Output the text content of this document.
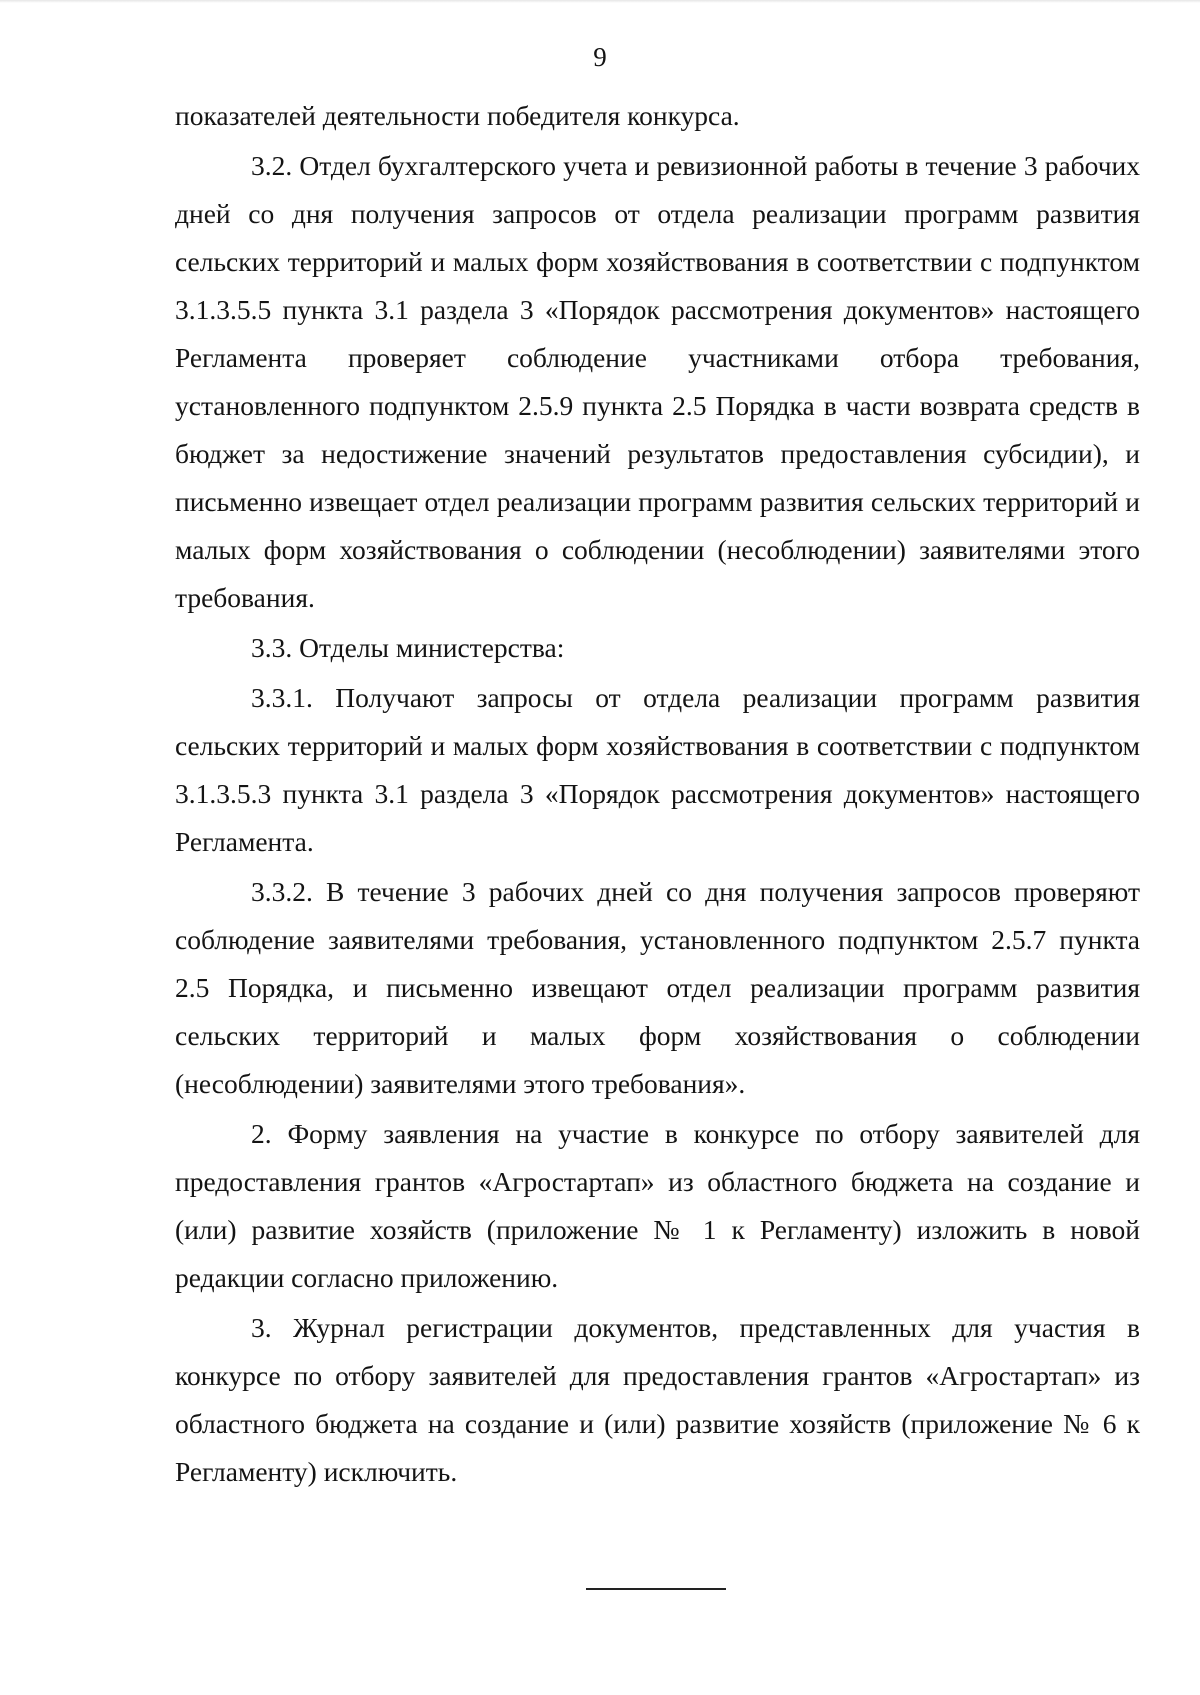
9

показателей деятельности победителя конкурса.

3.2. Отдел бухгалтерского учета и ревизионной работы в течение 3 рабочих дней со дня получения запросов от отдела реализации программ развития сельских территорий и малых форм хозяйствования в соответствии с подпунктом 3.1.3.5.5 пункта 3.1 раздела 3 «Порядок рассмотрения документов» настоящего Регламента проверяет соблюдение участниками отбора требования, установленного подпунктом 2.5.9 пункта 2.5 Порядка в части возврата средств в бюджет за недостижение значений результатов предоставления субсидии), и письменно извещает отдел реализации программ развития сельских территорий и малых форм хозяйствования о соблюдении (несоблюдении) заявителями этого требования.

3.3. Отделы министерства:

3.3.1. Получают запросы от отдела реализации программ развития сельских территорий и малых форм хозяйствования в соответствии с подпунктом 3.1.3.5.3 пункта 3.1 раздела 3 «Порядок рассмотрения документов» настоящего Регламента.

3.3.2. В течение 3 рабочих дней со дня получения запросов проверяют соблюдение заявителями требования, установленного подпунктом 2.5.7 пункта 2.5 Порядка, и письменно извещают отдел реализации программ развития сельских территорий и малых форм хозяйствования о соблюдении (несоблюдении) заявителями этого требования».

2. Форму заявления на участие в конкурсе по отбору заявителей для предоставления грантов «Агростартап» из областного бюджета на создание и (или) развитие хозяйств (приложение № 1 к Регламенту) изложить в новой редакции согласно приложению.

3. Журнал регистрации документов, представленных для участия в конкурсе по отбору заявителей для предоставления грантов «Агростартап» из областного бюджета на создание и (или) развитие хозяйств (приложение № 6 к Регламенту) исключить.
